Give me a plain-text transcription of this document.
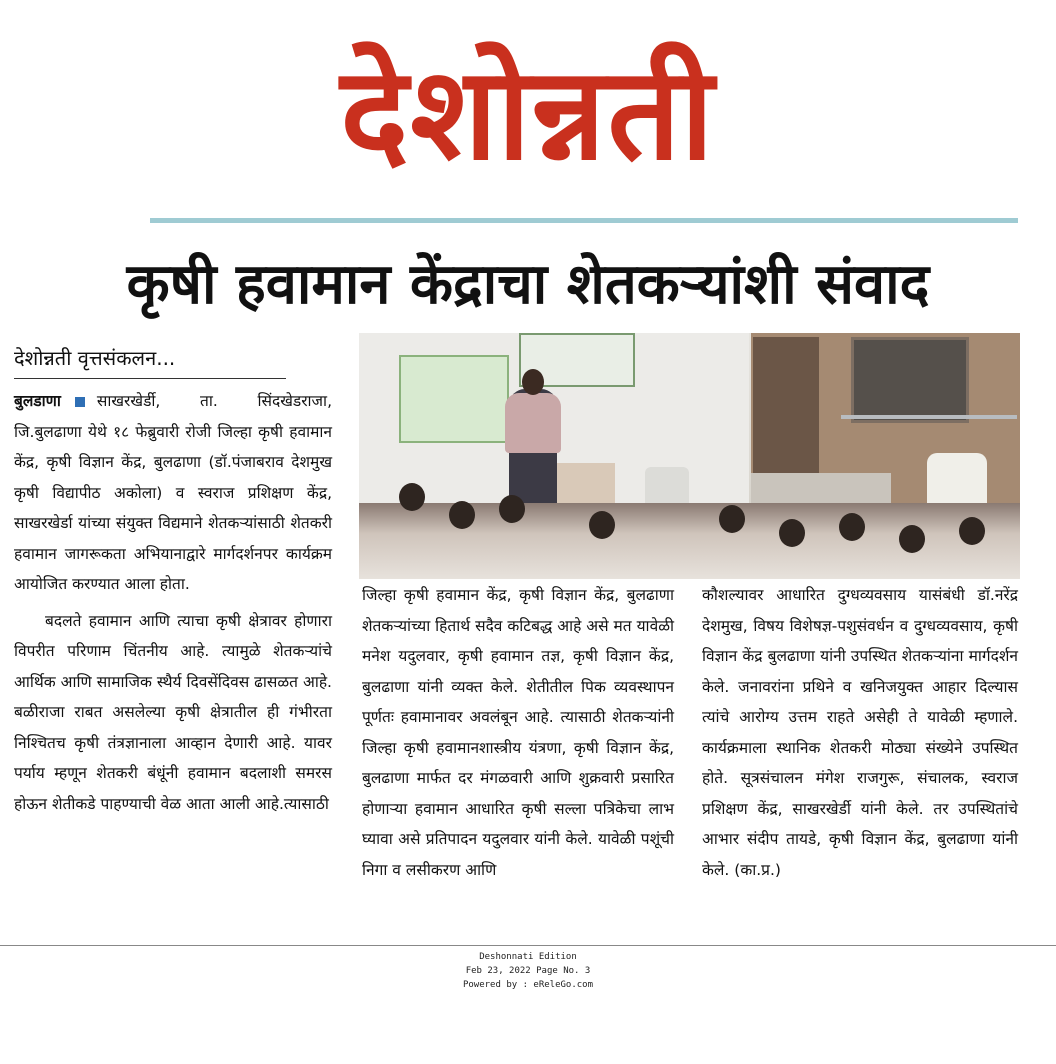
देशोन्नती
कृषी हवामान केंद्राचा शेतकऱ्यांशी संवाद
देशोन्नती वृत्तसंकलन...

बुलडाणा साखरखेर्डी, ता. सिंदखेडराजा, जि.बुलढाणा येथे १८ फेब्रुवारी रोजी जिल्हा कृषी हवामान केंद्र, कृषी विज्ञान केंद्र, बुलढाणा (डॉ.पंजाबराव देशमुख कृषी विद्यापीठ अकोला) व स्वराज प्रशिक्षण केंद्र, साखरखेर्डा यांच्या संयुक्त विद्यमाने शेतकऱ्यांसाठी शेतकरी हवामान जागरूकता अभियानाद्वारे मार्गदर्शनपर कार्यक्रम आयोजित करण्यात आला होता.

बदलते हवामान आणि त्याचा कृषी क्षेत्रावर होणारा विपरीत परिणाम चिंतनीय आहे. त्यामुळे शेतकऱ्यांचे आर्थिक आणि सामाजिक स्थैर्य दिवसेंदिवस ढासळत आहे. बळीराजा राबत असलेल्या कृषी क्षेत्रातील ही गंभीरता निश्चितच कृषी तंत्रज्ञानाला आव्हान देणारी आहे. यावर पर्याय म्हणून शेतकरी बंधूंनी हवामान बदलाशी समरस होऊन शेतीकडे पाहण्याची वेळ आता आली आहे.त्यासाठी

जिल्हा कृषी हवामान केंद्र, कृषी विज्ञान केंद्र, बुलढाणा शेतकऱ्यांच्या हितार्थ सदैव कटिबद्ध आहे असे मत यावेळी मनेश यदुलवार, कृषी हवामान तज्ञ, कृषी विज्ञान केंद्र, बुलढाणा यांनी व्यक्त केले. शेतीतील पिक व्यवस्थापन पूर्णतः हवामानावर अवलंबून आहे. त्यासाठी शेतकऱ्यांनी जिल्हा कृषी हवामानशास्त्रीय यंत्रणा, कृषी विज्ञान केंद्र, बुलढाणा मार्फत दर मंगळवारी आणि शुक्रवारी प्रसारित होणाऱ्या हवामान आधारित कृषी सल्ला पत्रिकेचा लाभ घ्यावा असे प्रतिपादन यदुलवार यांनी केले. यावेळी पशूंची निगा व लसीकरण आणि
कौशल्यावर आधारित दुग्धव्यवसाय यासंबंधी डॉ.नरेंद्र देशमुख, विषय विशेषज्ञ-पशुसंवर्धन व दुग्धव्यवसाय, कृषी विज्ञान केंद्र बुलढाणा यांनी उपस्थित शेतकऱ्यांना मार्गदर्शन केले. जनावरांना प्रथिने व खनिजयुक्त आहार दिल्यास त्यांचे आरोग्य उत्तम राहते असेही ते यावेळी म्हणाले. कार्यक्रमाला स्थानिक शेतकरी मोठ्या संख्येने उपस्थित होते. सूत्रसंचालन मंगेश राजगुरू, संचालक, स्वराज प्रशिक्षण केंद्र, साखरखेर्डी यांनी केले. तर उपस्थितांचे आभार संदीप तायडे, कृषी विज्ञान केंद्र, बुलढाणा यांनी केले. (का.प्र.)
Deshonnati Edition
Feb 23, 2022 Page No. 3
Powered by : eReleGo.com
